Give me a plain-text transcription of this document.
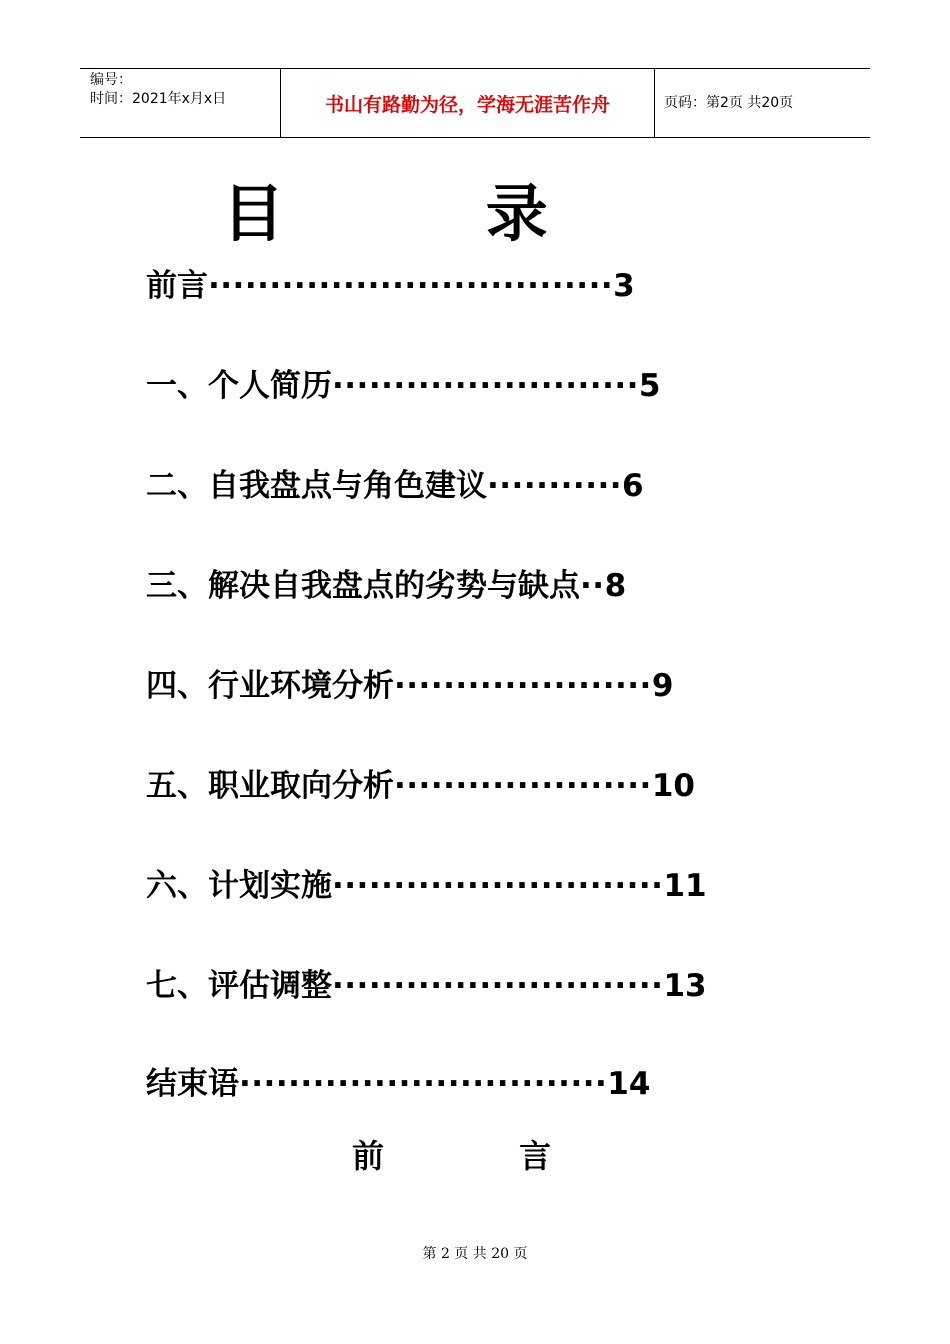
编号：
时间：2021年x月x日	书山有路勤为径，学海无涯苦作舟	页码：第2页 共20页
目 录
前言·································3
一、个人简历·························5
二、自我盘点与角色建议···········6
三、解决自我盘点的劣势与缺点··8
四、行业环境分析·····················9
五、职业取向分析·····················10
六、计划实施···························11
七、评估调整···························13
结束语······························14
前 言
第 2 页 共 20 页
